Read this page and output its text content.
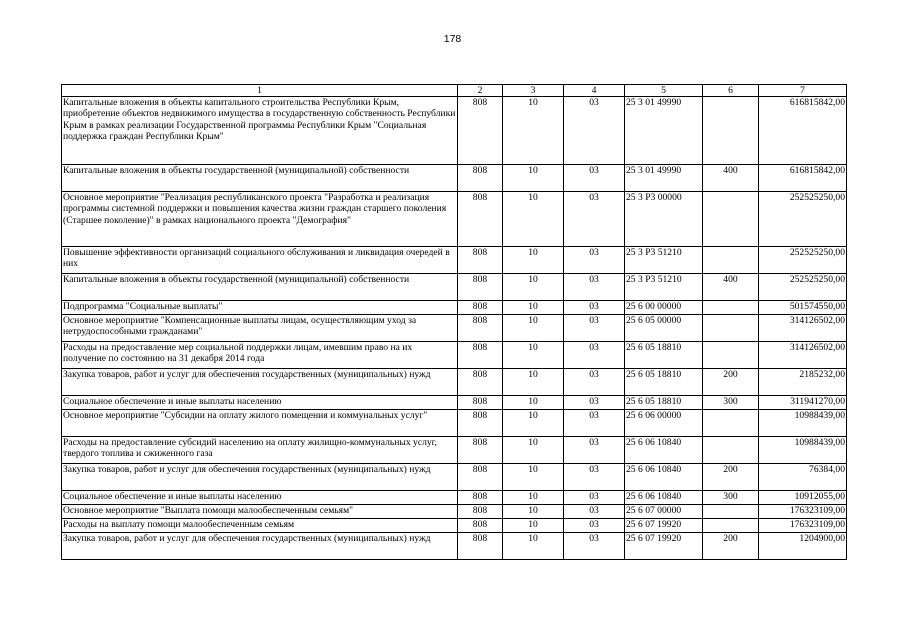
178
1	2	3	4	5	6	7
Капитальные вложения в объекты капитального строительства Республики Крым, приобретение объектов недвижимого имущества в государственную собственность Республики Крым в рамках реализации Государственной программы Республики Крым "Социальная поддержка граждан Республики Крым"	808	10	03	25 3 01 49990		616815842,00
Капитальные вложения в объекты государственной (муниципальной) собственности	808	10	03	25 3 01 49990	400	616815842,00
Основное мероприятие "Реализация республиканского проекта "Разработка и реализация программы системной поддержки и повышения качества жизни граждан старшего поколения (Старшее поколение)" в рамках национального проекта "Демография"	808	10	03	25 3 P3 00000		252525250,00
Повышение эффективности организаций социального обслуживания и ликвидация очередей в них	808	10	03	25 3 P3 51210		252525250,00
Капитальные вложения в объекты государственной (муниципальной) собственности	808	10	03	25 3 P3 51210	400	252525250,00
Подпрограмма "Социальные выплаты"	808	10	03	25 6 00 00000		501574550,00
Основное мероприятие "Компенсационные выплаты лицам, осуществляющим уход за нетрудоспособными гражданами"	808	10	03	25 6 05 00000		314126502,00
Расходы на предоставление мер социальной поддержки лицам, имевшим право на их получение по состоянию на 31 декабря 2014 года	808	10	03	25 6 05 18810		314126502,00
Закупка товаров, работ и услуг для обеспечения государственных (муниципальных) нужд	808	10	03	25 6 05 18810	200	2185232,00
Социальное обеспечение и иные выплаты населению	808	10	03	25 6 05 18810	300	311941270,00
Основное мероприятие "Субсидии на оплату жилого помещения и коммунальных услуг"	808	10	03	25 6 06 00000		10988439,00
Расходы на предоставление субсидий населению на оплату жилищно-коммунальных услуг, твердого топлива и сжиженного газа	808	10	03	25 6 06 10840		10988439,00
Закупка товаров, работ и услуг для обеспечения государственных (муниципальных) нужд	808	10	03	25 6 06 10840	200	76384,00
Социальное обеспечение и иные выплаты населению	808	10	03	25 6 06 10840	300	10912055,00
Основное мероприятие "Выплата помощи малообеспеченным семьям"	808	10	03	25 6 07 00000		176323109,00
Расходы на выплату помощи малообеспеченным семьям	808	10	03	25 6 07 19920		176323109,00
Закупка товаров, работ и услуг для обеспечения государственных (муниципальных) нужд	808	10	03	25 6 07 19920	200	1204900,00
